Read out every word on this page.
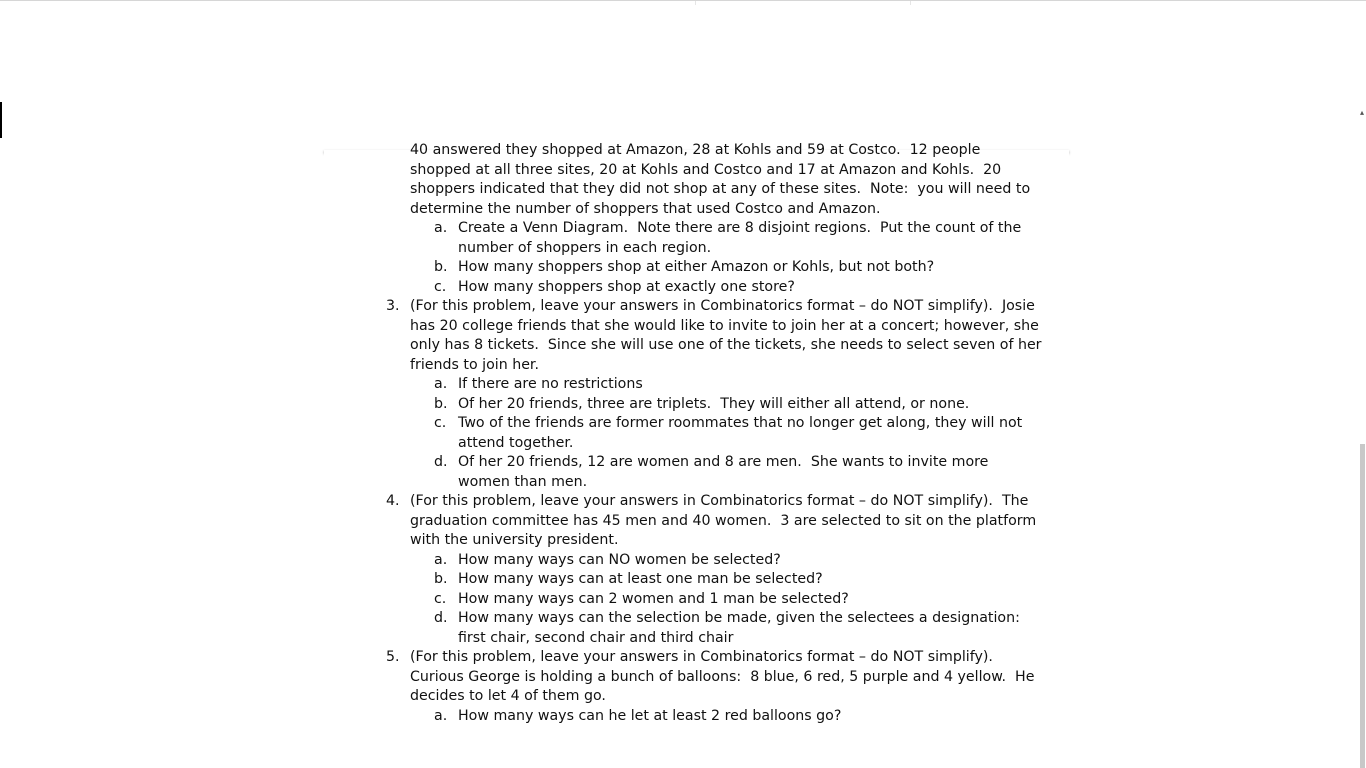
40 answered they shopped at Amazon, 28 at Kohls and 59 at Costco.  12 people
shopped at all three sites, 20 at Kohls and Costco and 17 at Amazon and Kohls.  20
shoppers indicated that they did not shop at any of these sites.  Note:  you will need to
determine the number of shoppers that used Costco and Amazon.
a. Create a Venn Diagram.  Note there are 8 disjoint regions.  Put the count of the
number of shoppers in each region.
b. How many shoppers shop at either Amazon or Kohls, but not both?
c. How many shoppers shop at exactly one store?
3. (For this problem, leave your answers in Combinatorics format – do NOT simplify).  Josie
has 20 college friends that she would like to invite to join her at a concert; however, she
only has 8 tickets.  Since she will use one of the tickets, she needs to select seven of her
friends to join her.
a. If there are no restrictions
b. Of her 20 friends, three are triplets.  They will either all attend, or none.
c. Two of the friends are former roommates that no longer get along, they will not
attend together.
d. Of her 20 friends, 12 are women and 8 are men.  She wants to invite more
women than men.
4. (For this problem, leave your answers in Combinatorics format – do NOT simplify).  The
graduation committee has 45 men and 40 women.  3 are selected to sit on the platform
with the university president.
a. How many ways can NO women be selected?
b. How many ways can at least one man be selected?
c. How many ways can 2 women and 1 man be selected?
d. How many ways can the selection be made, given the selectees a designation:
first chair, second chair and third chair
5. (For this problem, leave your answers in Combinatorics format – do NOT simplify).
Curious George is holding a bunch of balloons:  8 blue, 6 red, 5 purple and 4 yellow.  He
decides to let 4 of them go.
a. How many ways can he let at least 2 red balloons go?
▴
